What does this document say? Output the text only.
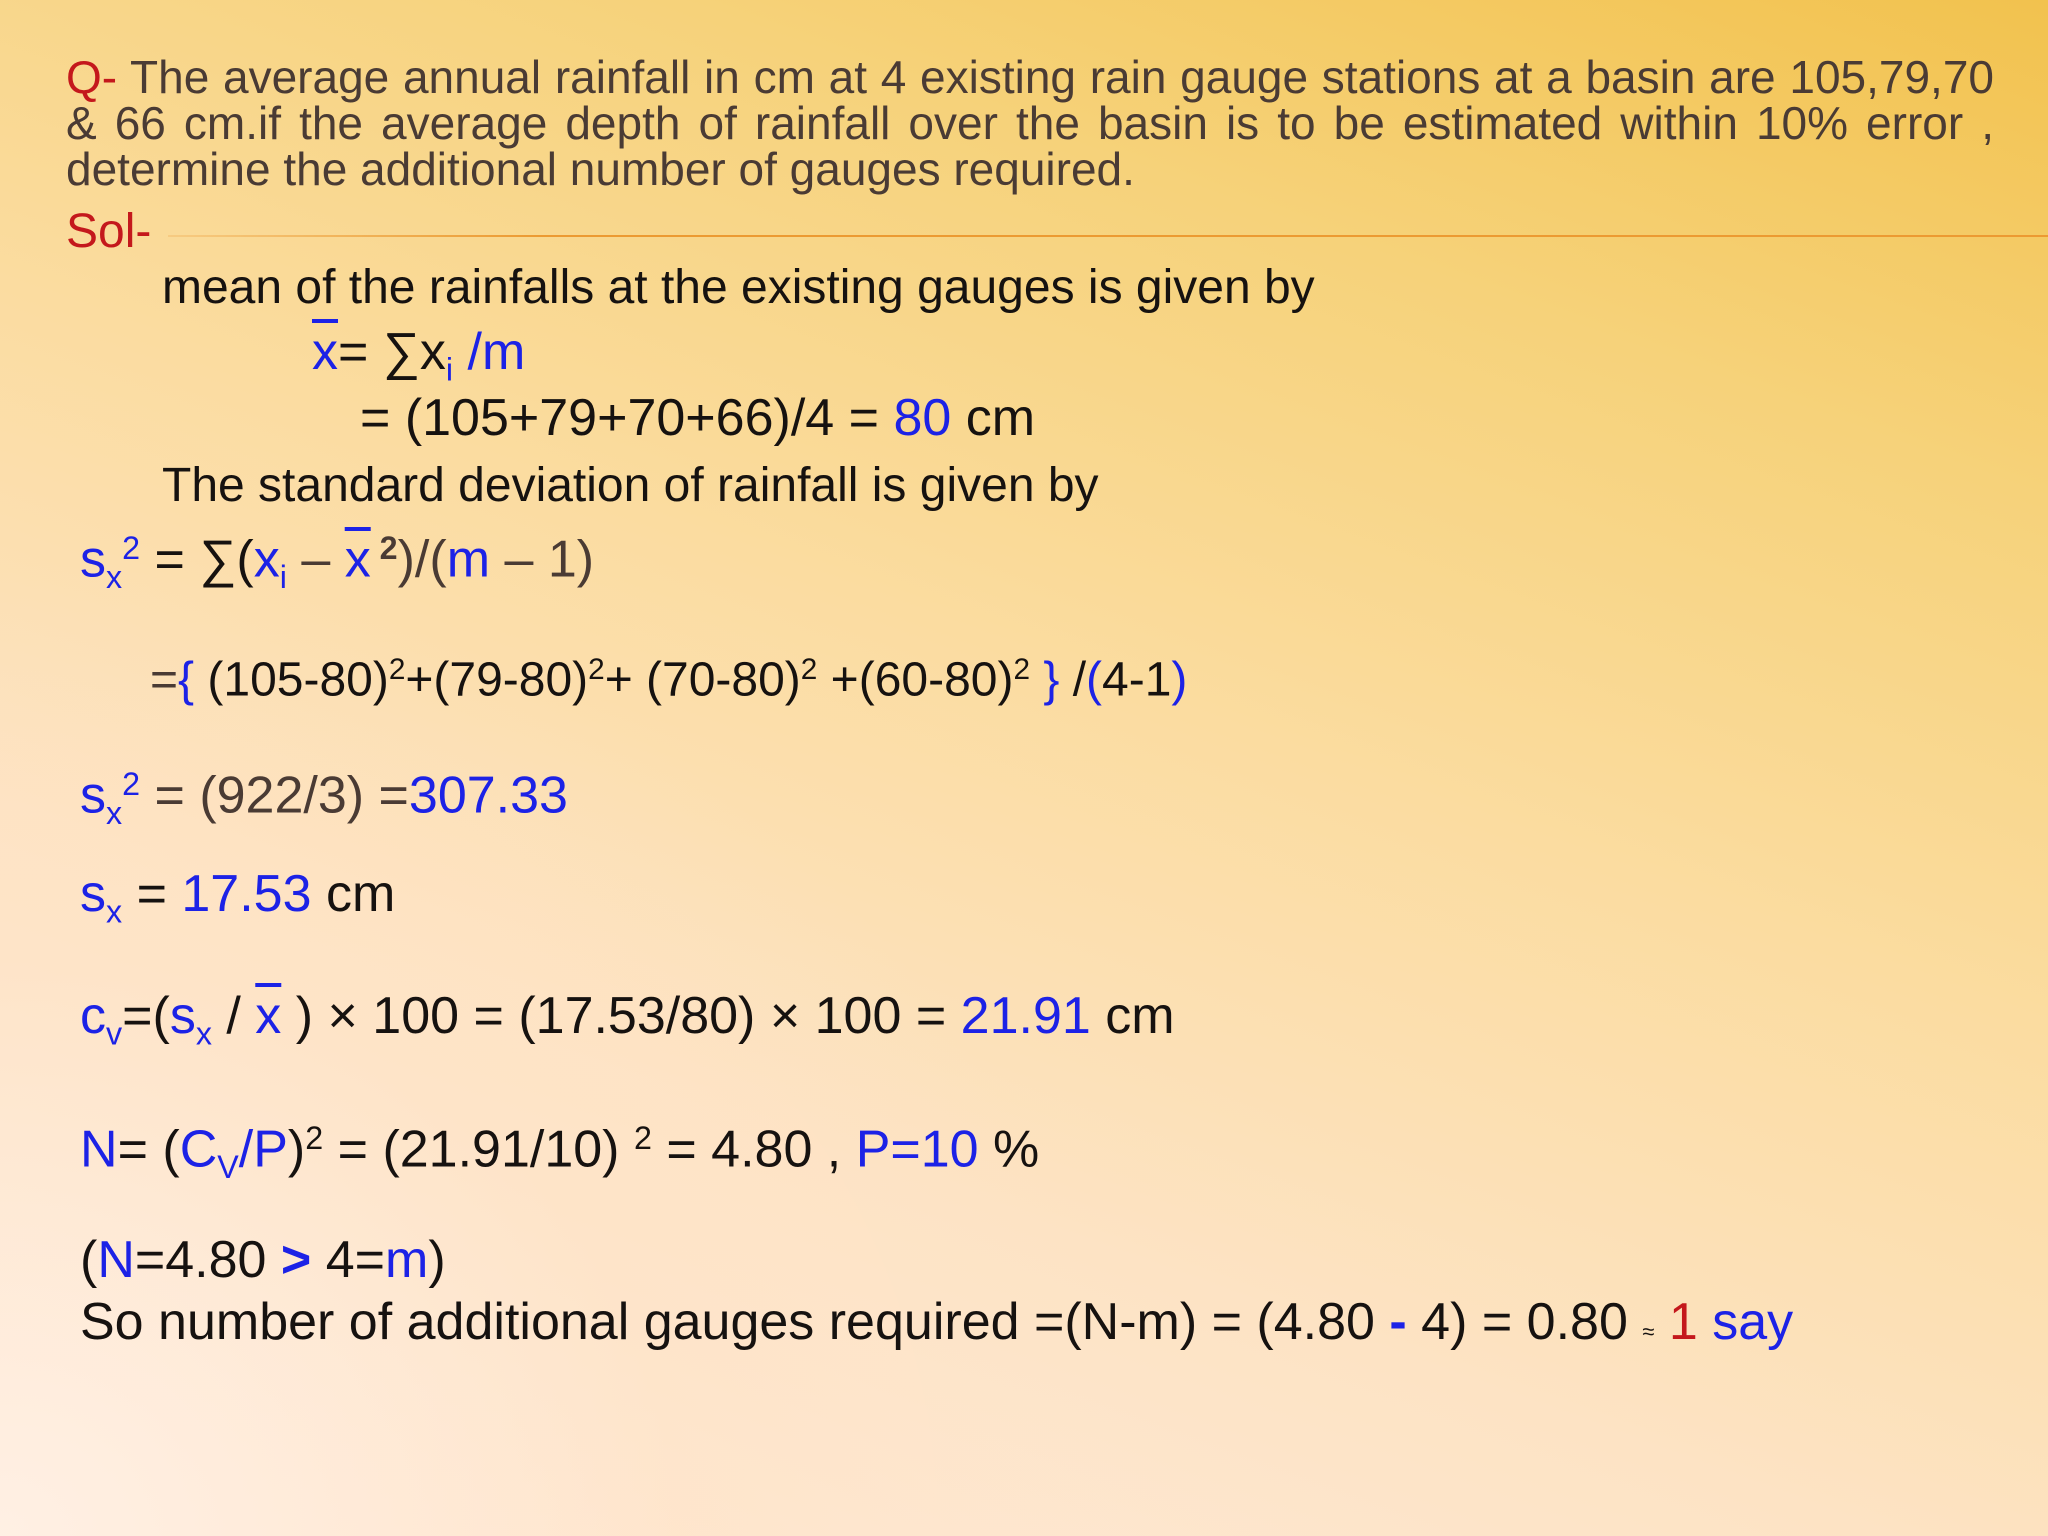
Q- The average annual rainfall in cm at 4 existing rain gauge stations at a basin are 105,79,70 & 66 cm.if the average depth of rainfall over the basin is to be estimated within 10% error , determine the additional number of gauges required.
Sol-
mean of the rainfalls at the existing gauges is given by
$\overline{x}= \sum x_i$ /m
= (105+79+70+66)/4 = 80 cm
The standard deviation of rainfall is given by
$s_x^2 = \sum(x_i - \overline{x}$ $^2$)/(m – 1)
={ $(105-80)^2+(79-80)^2+ (70-80)^2 +(60-80)^2$ } /(4-1)
$s_x^2 = (922/3) =307.33$
$s_x = 17.53$ cm
$c_v=(s_x / \overline{x}$ ) × 100 = (17.53/80) × 100 = 21.91 cm
$N= (C_V/P)^2 = (21.91/10) ^2 = 4.80$ , P=10 %
(N=4.80 > 4=m)
So number of additional gauges required =(N-m) = (4.80 - 4) = 0.80 ≈ 1 say
